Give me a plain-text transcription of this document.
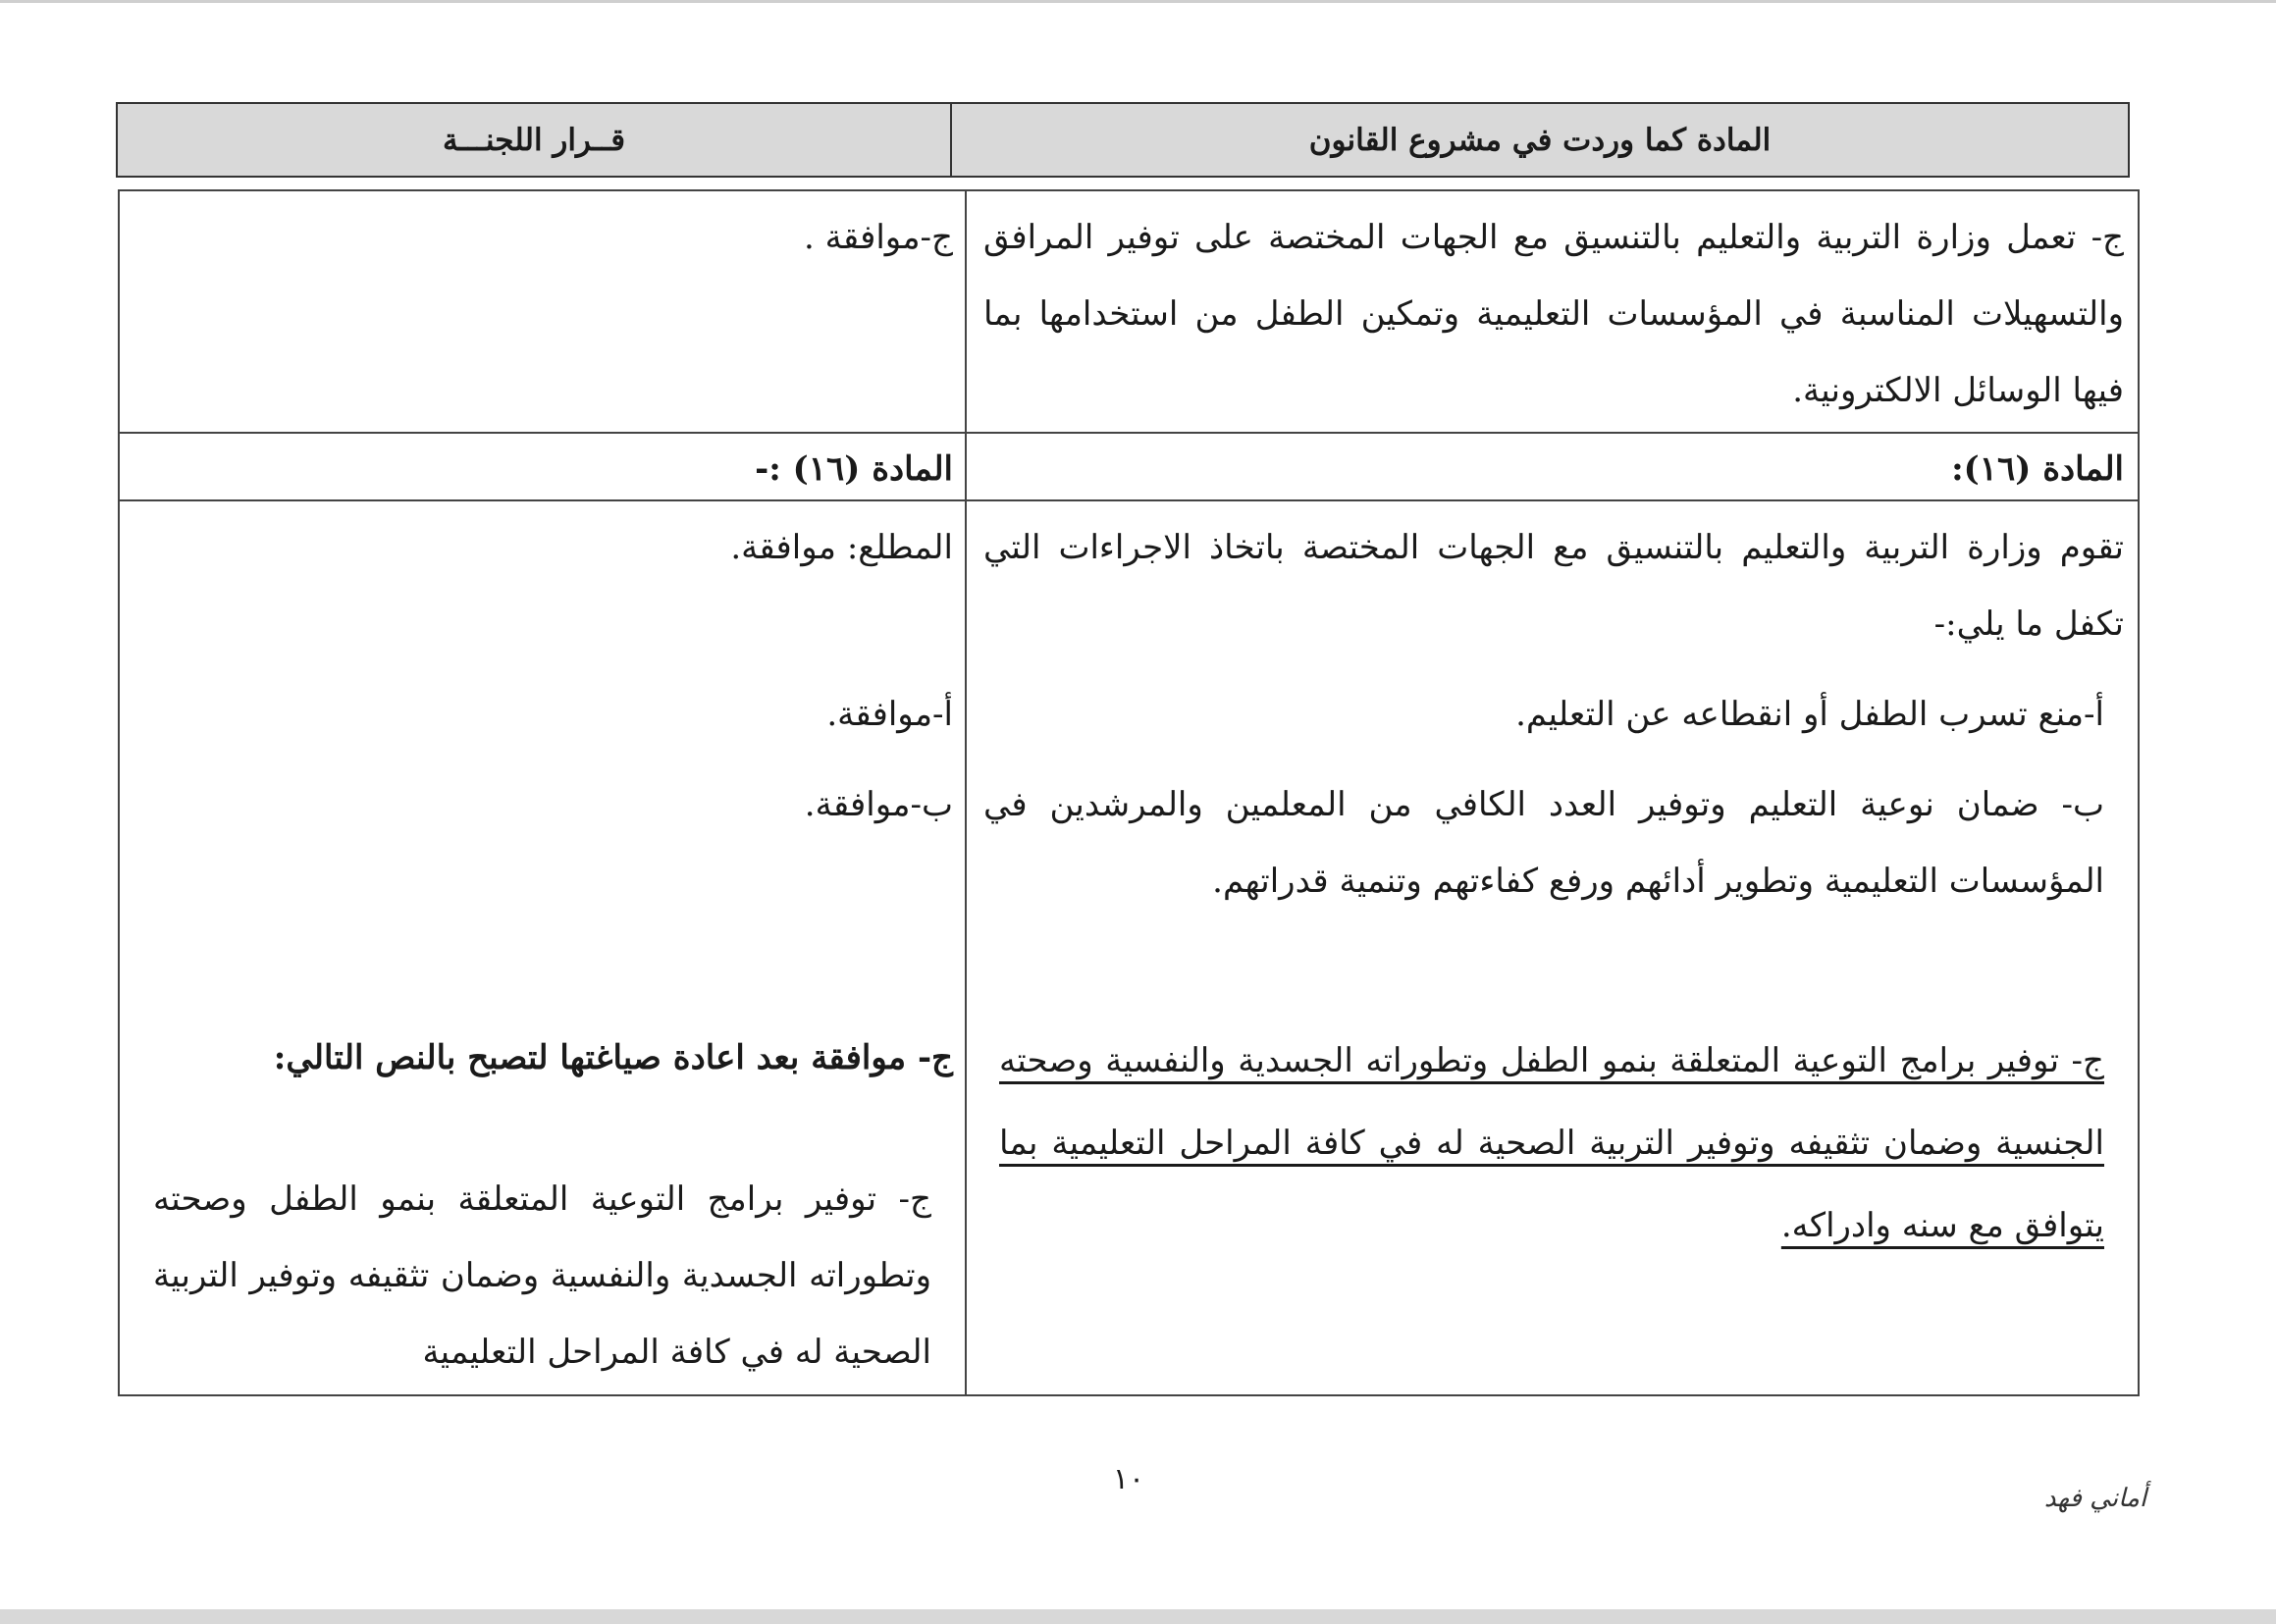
المادة كما وردت في مشروع القانون
قــرار اللجنـــة

ج- تعمل وزارة التربية والتعليم بالتنسيق مع الجهات المختصة على توفير المرافق والتسهيلات المناسبة في المؤسسات التعليمية وتمكين الطفل من استخدامها بما فيها الوسائل الالكترونية.

ج-موافقة .

المادة (١٦):

المادة (١٦) :-

تقوم وزارة التربية والتعليم بالتنسيق مع الجهات المختصة باتخاذ الاجراءات التي تكفل ما يلي:-

أ-منع تسرب الطفل أو انقطاعه عن التعليم.

ب- ضمان نوعية التعليم وتوفير العدد الكافي من المعلمين والمرشدين في المؤسسات التعليمية وتطوير أدائهم ورفع كفاءتهم وتنمية قدراتهم.

ج- توفير برامج التوعية المتعلقة بنمو الطفل وتطوراته الجسدية والنفسية وصحته الجنسية وضمان تثقيفه وتوفير التربية الصحية له في كافة المراحل التعليمية بما يتوافق مع سنه وادراكه.

المطلع: موافقة.

أ-موافقة.

ب-موافقة.

ج- موافقة بعد اعادة صياغتها لتصبح بالنص التالي:

ج- توفير برامج التوعية المتعلقة بنمو الطفل وصحته وتطوراته الجسدية والنفسية وضمان تثقيفه وتوفير التربية الصحية له في كافة المراحل التعليمية

١٠
أماني فهد
